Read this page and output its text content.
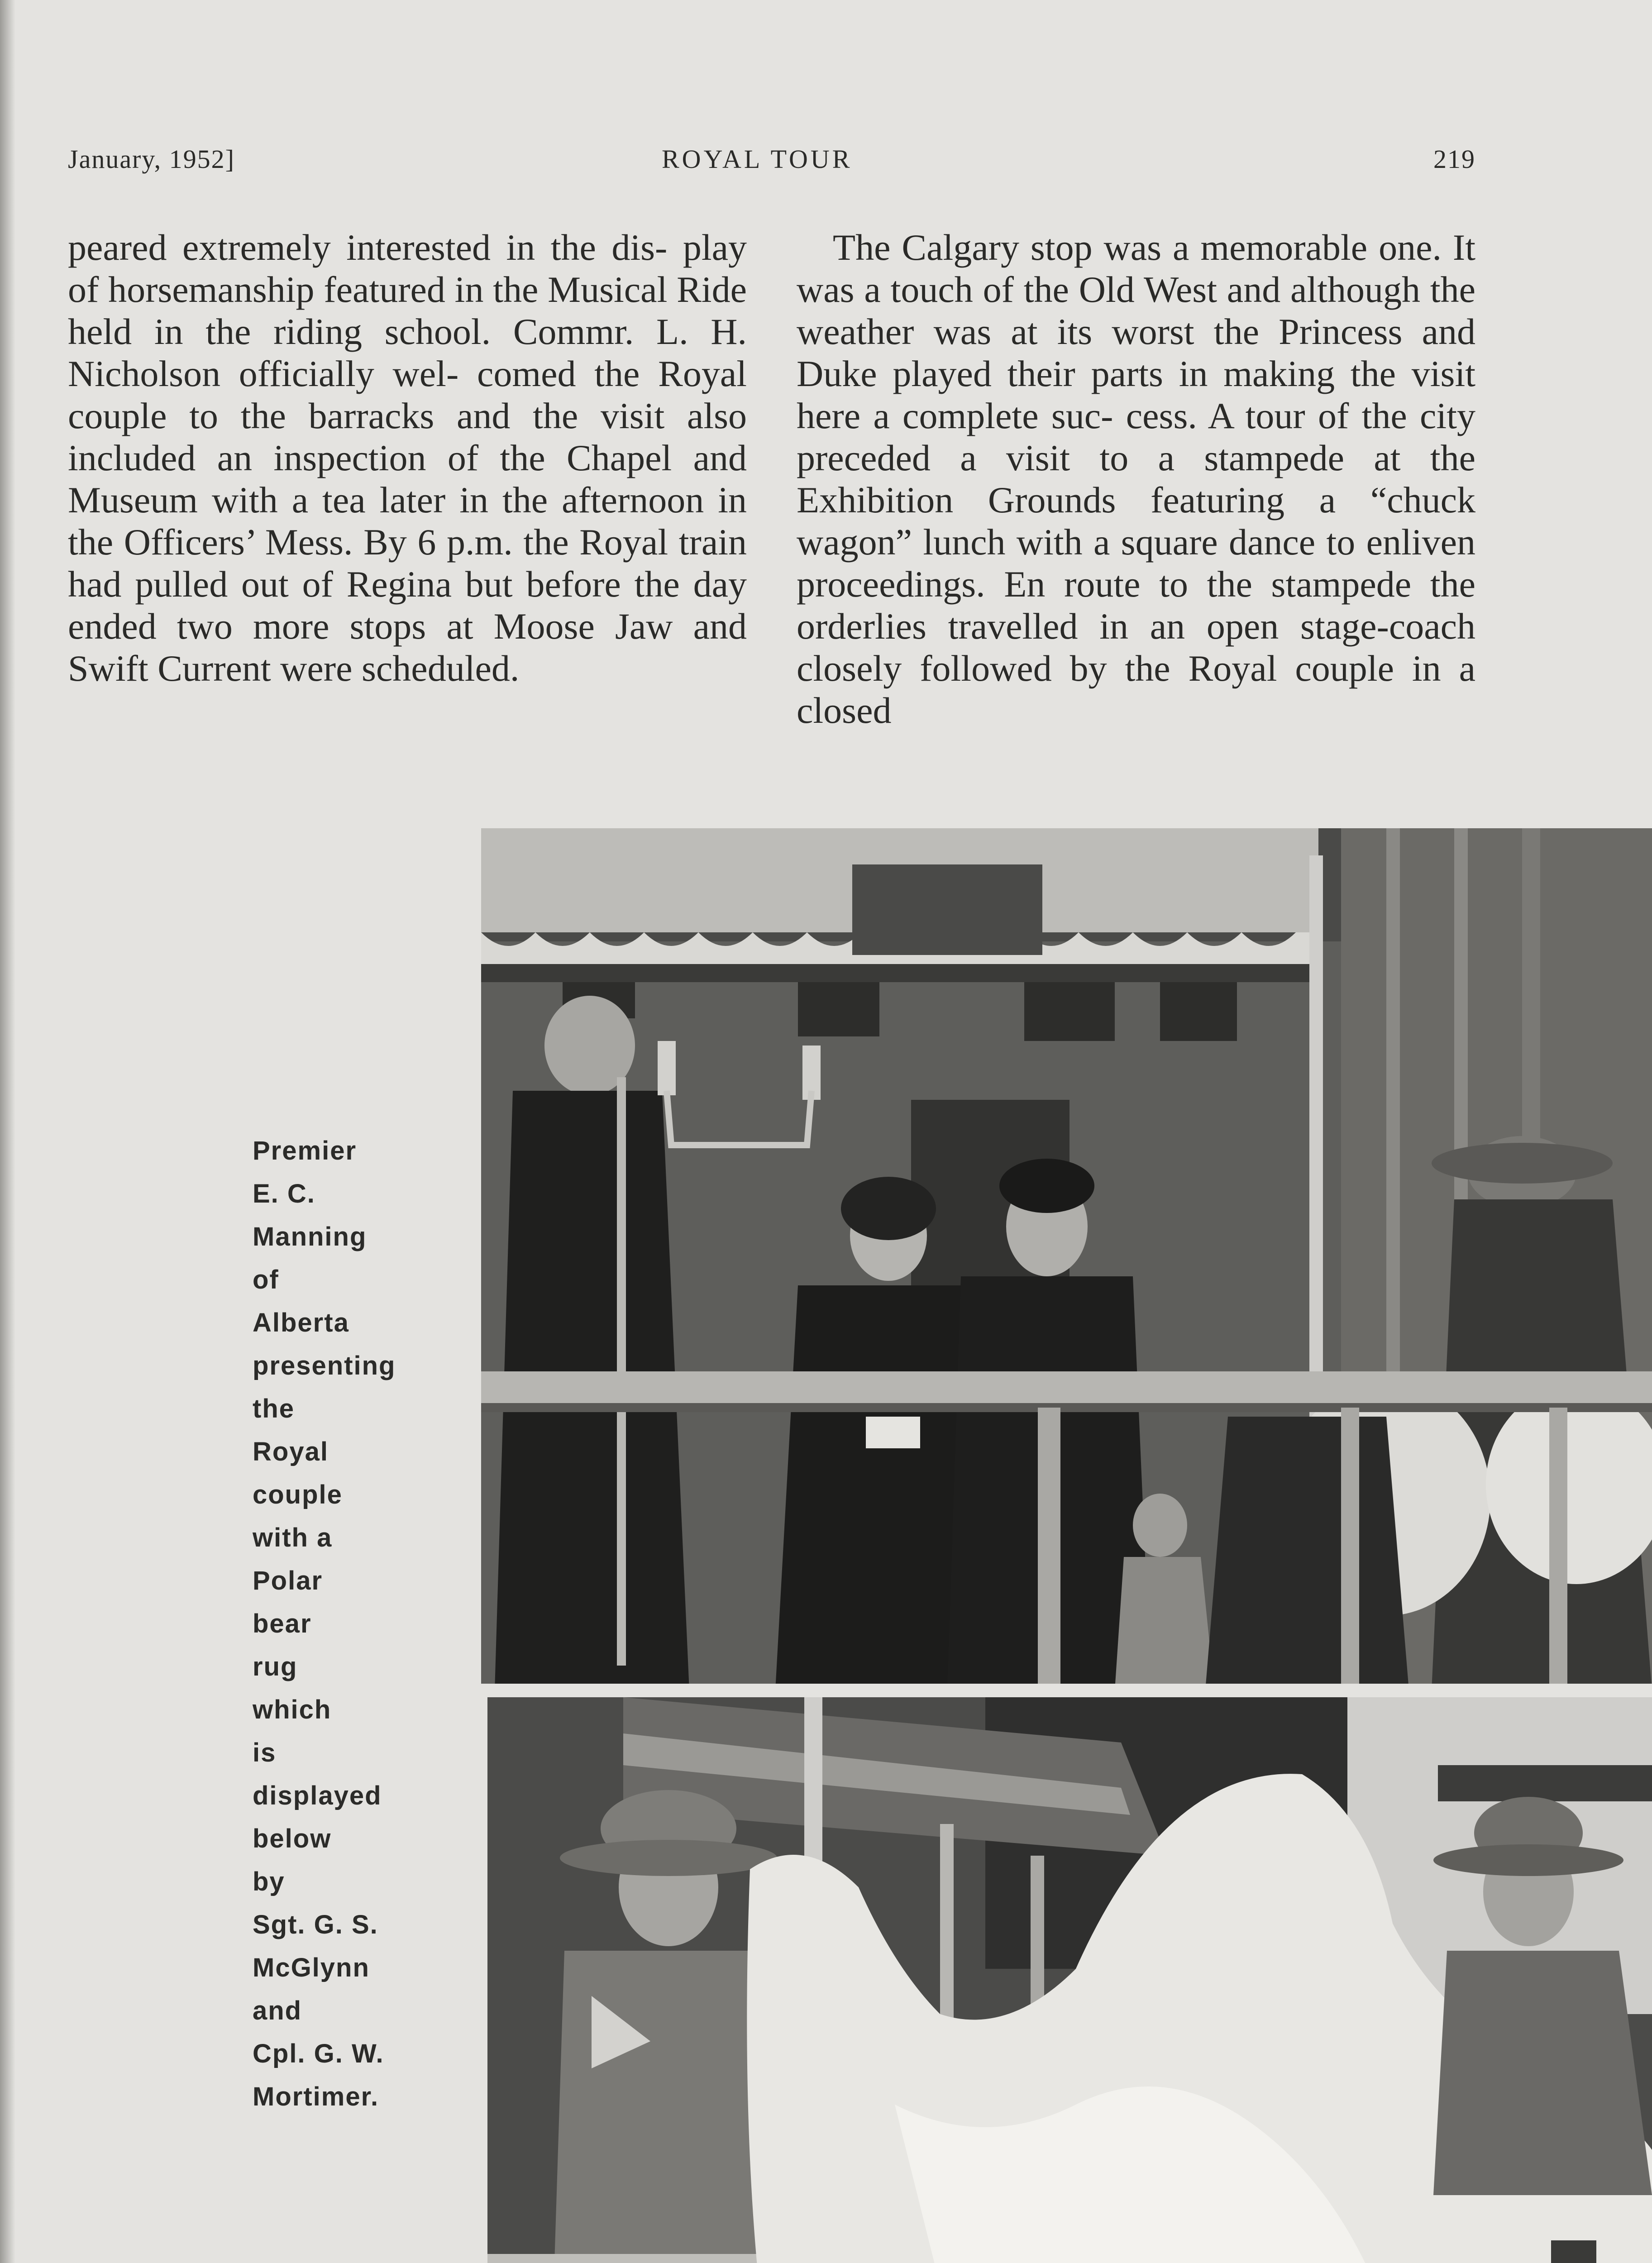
January, 1952]	ROYAL TOUR	219

peared extremely interested in the dis- play of horsemanship featured in the Musical Ride held in the riding school. Commr. L. H. Nicholson officially wel- comed the Royal couple to the barracks and the visit also included an inspection of the Chapel and Museum with a tea later in the afternoon in the Officers’ Mess. By 6 p.m. the Royal train had pulled out of Regina but before the day ended two more stops at Moose Jaw and Swift Current were scheduled.

The Calgary stop was a memorable one. It was a touch of the Old West and although the weather was at its worst the Princess and Duke played their parts in making the visit here a complete suc- cess. A tour of the city preceded a visit to a stampede at the Exhibition Grounds featuring a “chuck wagon” lunch with a square dance to enliven proceedings. En route to the stampede the orderlies travelled in an open stage-coach closely followed by the Royal couple in a closed

Premier
E. C.
Manning
of
Alberta
presenting
the
Royal
couple
with a
Polar
bear
rug
which
is
displayed
below
by
Sgt. G. S.
McGlynn
and
Cpl. G. W.
Mortimer.
